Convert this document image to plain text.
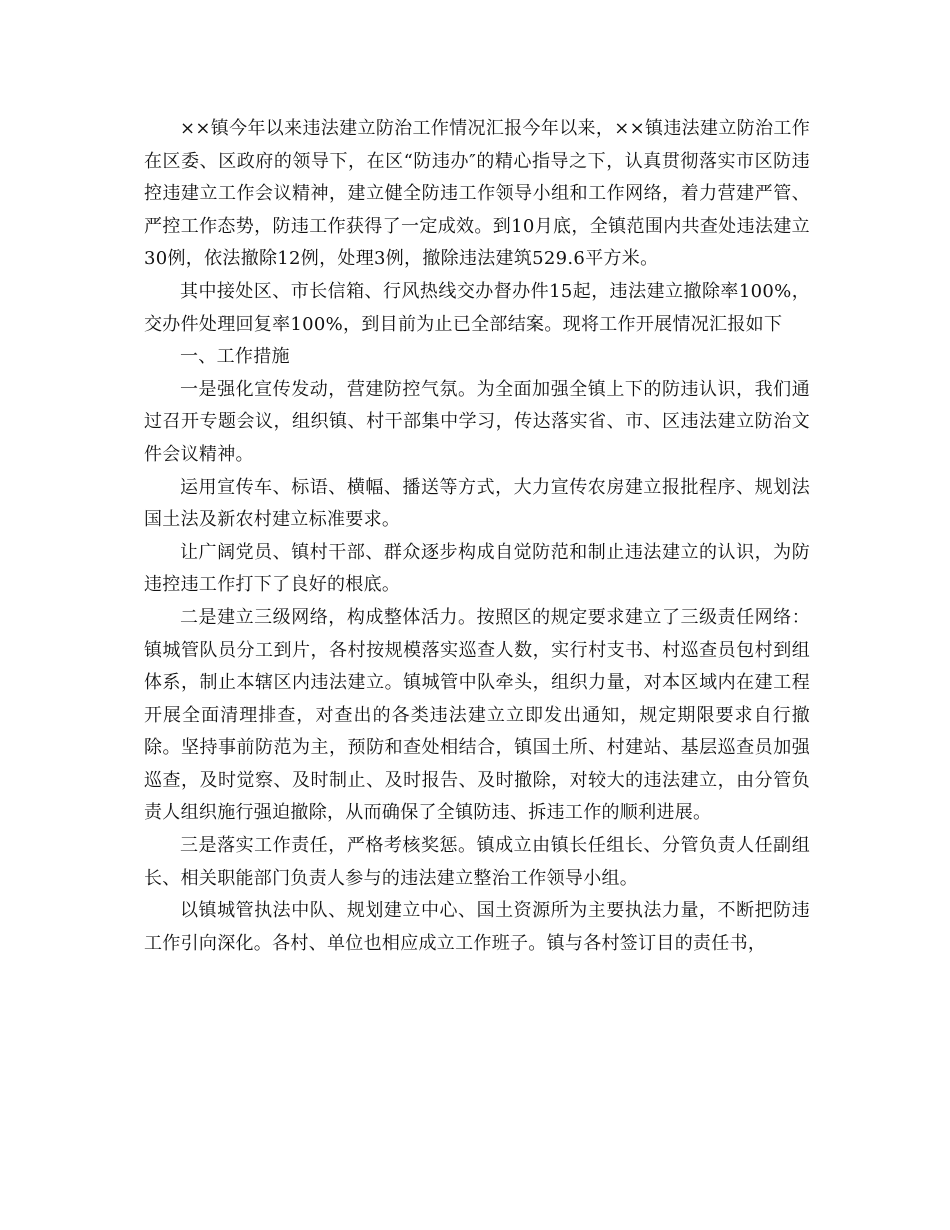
××镇今年以来违法建立防治工作情况汇报今年以来，××镇违法建立防治工作在区委、区政府的领导下，在区“防违办″的精心指导之下，认真贯彻落实市区防违控违建立工作会议精神，建立健全防违工作领导小组和工作网络，着力营建严管、严控工作态势，防违工作获得了一定成效。到10月底，全镇范围内共查处违法建立30例，依法撤除12例，处理3例，撤除违法建筑529.6平方米。

其中接处区、市长信箱、行风热线交办督办件15起，违法建立撤除率100%，交办件处理回复率100%，到目前为止已全部结案。现将工作开展情况汇报如下

一、工作措施

一是强化宣传发动，营建防控气氛。为全面加强全镇上下的防违认识，我们通过召开专题会议，组织镇、村干部集中学习，传达落实省、市、区违法建立防治文件会议精神。

运用宣传车、标语、横幅、播送等方式，大力宣传农房建立报批程序、规划法国土法及新农村建立标准要求。

让广阔党员、镇村干部、群众逐步构成自觉防范和制止违法建立的认识，为防违控违工作打下了良好的根底。

二是建立三级网络，构成整体活力。按照区的规定要求建立了三级责任网络：镇城管队员分工到片，各村按规模落实巡查人数，实行村支书、村巡查员包村到组体系，制止本辖区内违法建立。镇城管中队牵头，组织力量，对本区域内在建工程开展全面清理排查，对查出的各类违法建立立即发出通知，规定期限要求自行撤除。坚持事前防范为主，预防和查处相结合，镇国土所、村建站、基层巡查员加强巡查，及时觉察、及时制止、及时报告、及时撤除，对较大的违法建立，由分管负责人组织施行强迫撤除，从而确保了全镇防违、拆违工作的顺利进展。

三是落实工作责任，严格考核奖惩。镇成立由镇长任组长、分管负责人任副组长、相关职能部门负责人参与的违法建立整治工作领导小组。

以镇城管执法中队、规划建立中心、国土资源所为主要执法力量，不断把防违工作引向深化。各村、单位也相应成立工作班子。镇与各村签订目的责任书，
